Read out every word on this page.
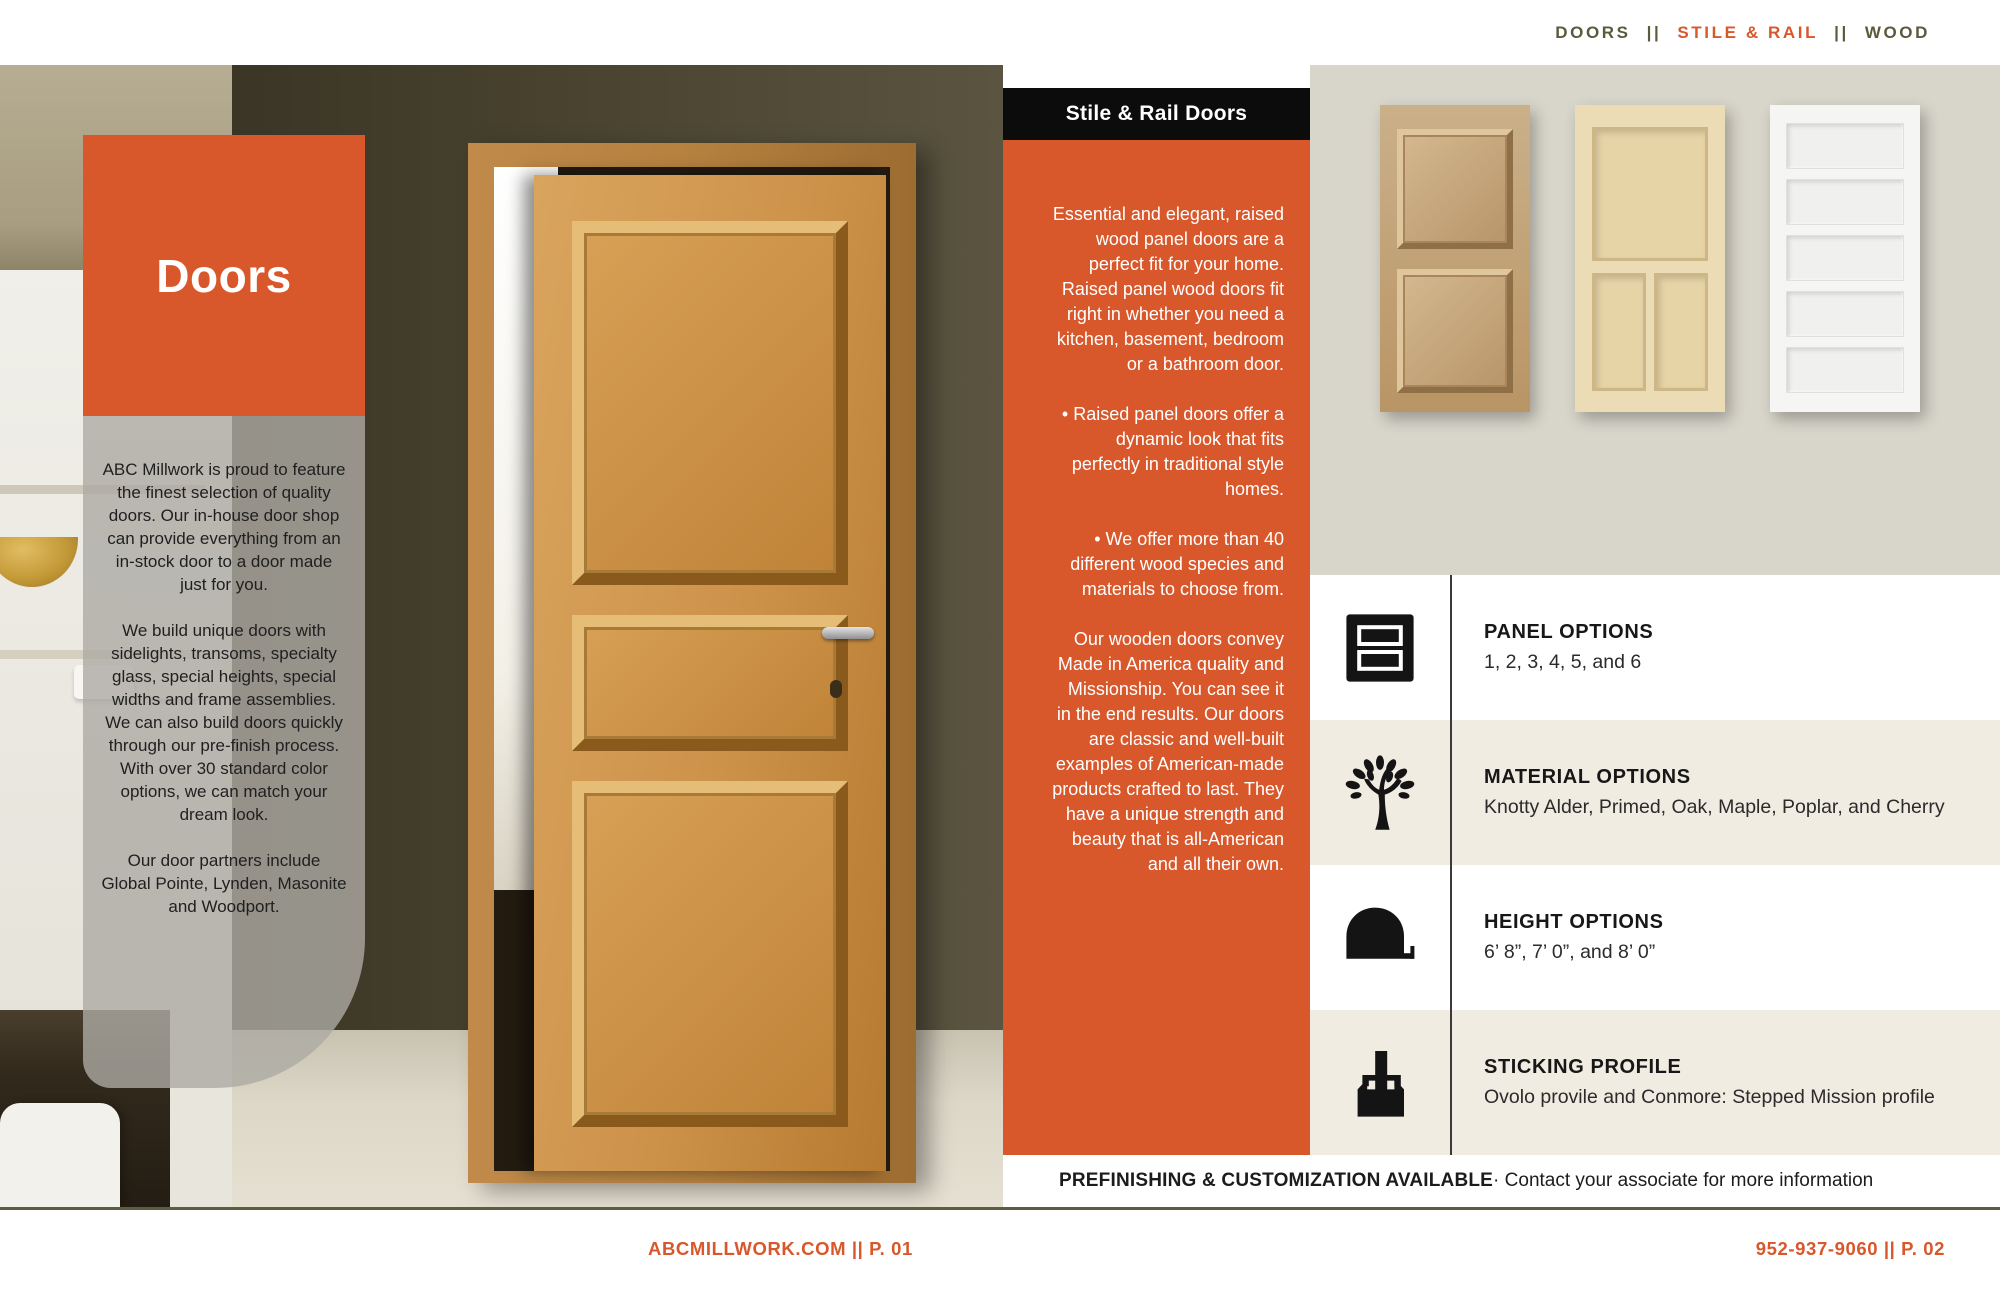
DOORS || STILE & RAIL || WOOD
Doors

ABC Millwork is proud to feature the finest selection of quality doors. Our in-house door shop can provide everything from an in-stock door to a door made just for you.

We build unique doors with sidelights, transoms, specialty glass, special heights, special widths and frame assemblies. We can also build doors quickly through our pre-finish process. With over 30 standard color options, we can match your dream look.

Our door partners include Global Pointe, Lynden, Masonite and Woodport.

Stile & Rail Doors

Essential and elegant, raised wood panel doors are a perfect fit for your home. Raised panel wood doors fit right in whether you need a kitchen, basement, bedroom or a bathroom door.

• Raised panel doors offer a dynamic look that fits perfectly in traditional style homes.

• We offer more than 40 different wood species and materials to choose from.

Our wooden doors convey Made in America quality and Missionship. You can see it in the end results. Our doors are classic and well-built examples of American-made products crafted to last. They have a unique strength and beauty that is all-American and all their own.

PANEL OPTIONS
1, 2, 3, 4, 5, and 6
MATERIAL OPTIONS
Knotty Alder, Primed, Oak, Maple, Poplar, and Cherry
HEIGHT OPTIONS
6’ 8”, 7’ 0”, and 8’ 0”
STICKING PROFILE
Ovolo provile and Conmore: Stepped Mission profile
PREFINISHING & CUSTOMIZATION AVAILABLE · Contact your associate for more information
ABCMILLWORK.COM || P. 01	952-937-9060 || P. 02
